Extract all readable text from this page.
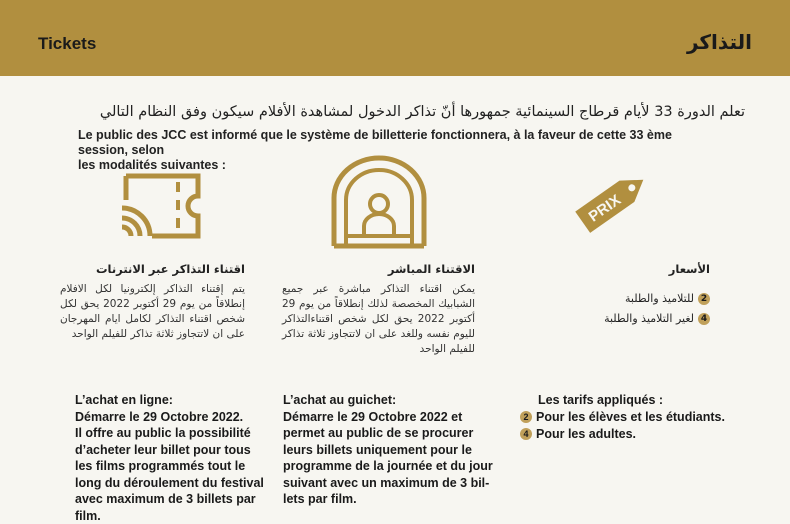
Tickets	التذاكر
تعلم الدورة 33 لأيام قرطاج السينمائية جمهورها أنّ تذاكر الدخول لمشاهدة الأفلام سيكون وفق النظام التالي
Le public des JCC est informé que le système de billetterie fonctionnera, à la faveur de cette 33 ème session, selon
les modalités suivantes :
PRIX
اقتناء التذاكر عبر الانترنات	الاقتناء المباشر	الأسعار
يتم إقتناء التذاكر إلكترونيا لكل الافلام إنطلاقاً من يوم 29 أكتوبر 2022 يحق لكل شخص اقتناء التذاكر لكامل ايام المهرجان على ان لاتتجاوز ثلاثة تذاكر للفيلم الواحد
يمكن اقتناء التذاكر مباشرة عبر جميع الشبابيك المخصصة لذلك إنطلاقاً من يوم 29 أكتوبر 2022 يحق لكل شخص اقتناءالتذاكر لليوم نفسه وللغد على ان لاتتجاوز ثلاثة تذاكر للفيلم الواحد
2
للتلاميذ والطلبة
4
لغير التلاميذ والطلبة
L’achat en ligne:
Démarre le 29 Octobre 2022.
Il offre au public la possibilité
d’acheter leur billet pour tous
les films programmés tout le
long du déroulement du festival
avec maximum de 3 billets par
film.
L’achat au guichet:
Démarre le 29 Octobre 2022 et
permet au public de se procurer
leurs billets uniquement pour le
programme de la journée et du jour
suivant avec un maximum de 3 bil-
lets par film.
Les tarifs appliqués :
2 Pour les élèves et les étudiants.
4 Pour les adultes.
